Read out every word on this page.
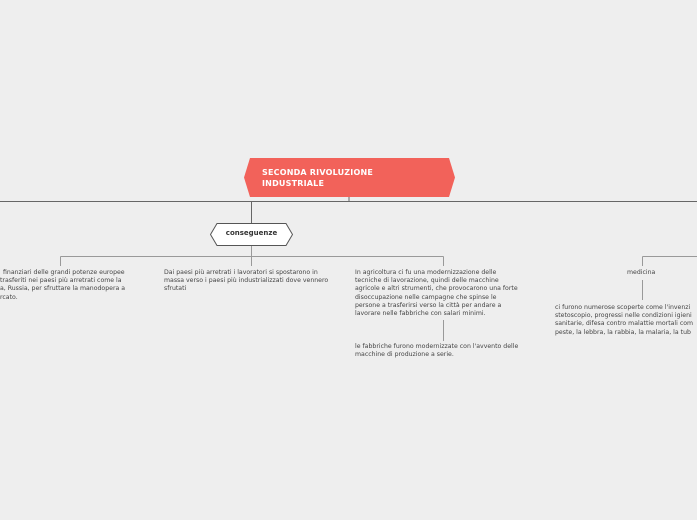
SECONDA RIVOLUZIONE
INDUSTRIALE
conseguenze
finanziari delle grandi potenze europee
trasferiti nei paesi più arretrati come la
a, Russia, per sfruttare la manodopera a
rcato.
Dai paesi più arretrati i lavoratori si spostarono in
massa verso i paesi più industrializzati dove vennero
sfrutati
In agricoltura ci fu una modernizzazione delle
tecniche di lavorazione, quindi delle macchine
agricole e altri strumenti, che provocarono una forte
disoccupazione nelle campagne che spinse le
persone a trasferirsi verso la città per andare a
lavorare nelle fabbriche con salari minimi.
le fabbriche furono modernizzate con l'avvento delle
macchine di produzione a serie.
medicina
ci furono numerose scoperte come l'invenzi
stetoscopio, progressi nelle condizioni igieni
sanitarie, difesa contro malattie mortali com
peste, la lebbra, la rabbia, la malaria, la tub
